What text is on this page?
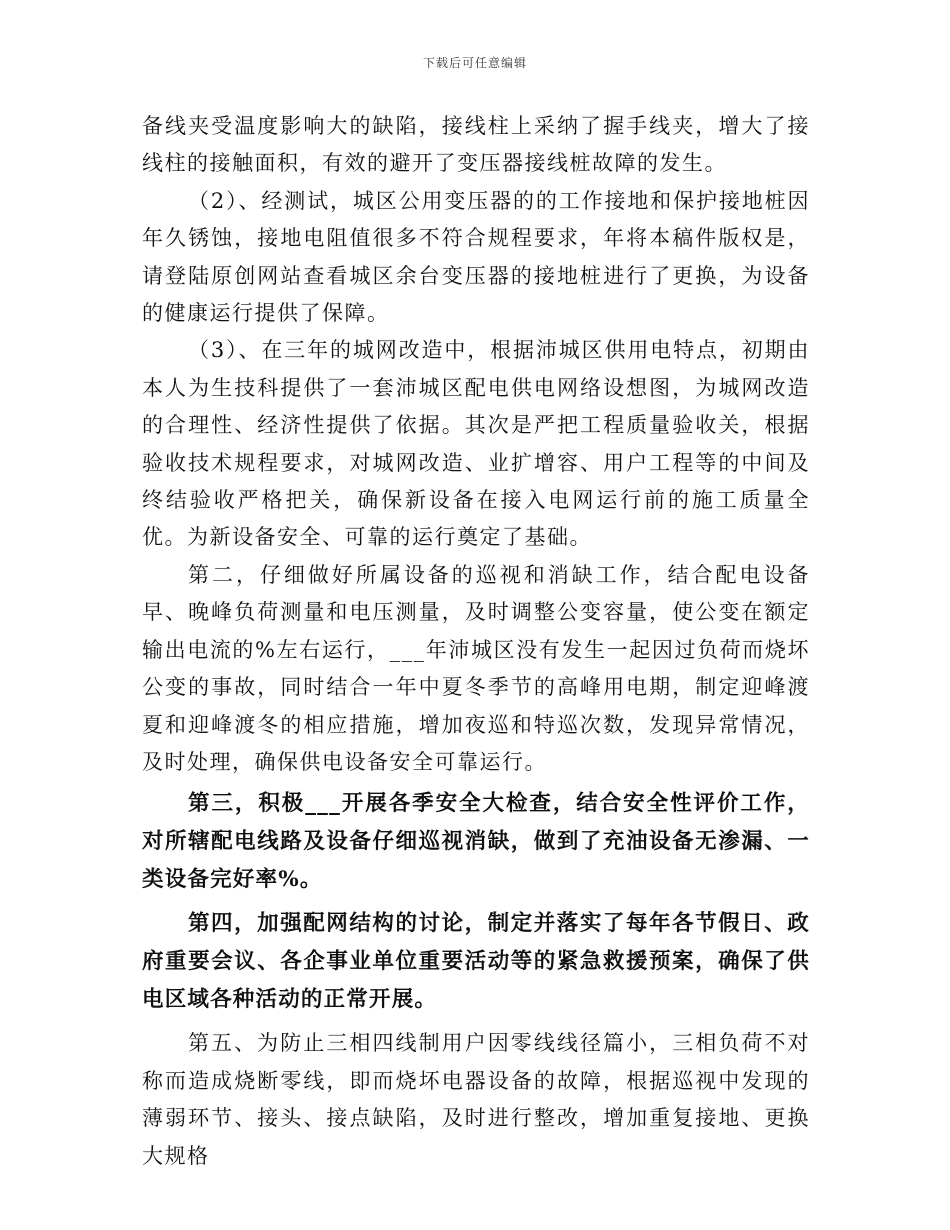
下载后可任意编辑

备线夹受温度影响大的缺陷，接线柱上采纳了握手线夹，增大了接线柱的接触面积，有效的避开了变压器接线桩故障的发生。

（2）、经测试，城区公用变压器的的工作接地和保护接地桩因年久锈蚀，接地电阻值很多不符合规程要求，年将本稿件版权是，请登陆原创网站查看城区余台变压器的接地桩进行了更换，为设备的健康运行提供了保障。

（3）、在三年的城网改造中，根据沛城区供用电特点，初期由本人为生技科提供了一套沛城区配电供电网络设想图，为城网改造的合理性、经济性提供了依据。其次是严把工程质量验收关，根据验收技术规程要求，对城网改造、业扩增容、用户工程等的中间及终结验收严格把关，确保新设备在接入电网运行前的施工质量全优。为新设备安全、可靠的运行奠定了基础。

第二，仔细做好所属设备的巡视和消缺工作，结合配电设备早、晚峰负荷测量和电压测量，及时调整公变容量，使公变在额定输出电流的%左右运行，___年沛城区没有发生一起因过负荷而烧坏公变的事故，同时结合一年中夏冬季节的高峰用电期，制定迎峰渡夏和迎峰渡冬的相应措施，增加夜巡和特巡次数，发现异常情况，及时处理，确保供电设备安全可靠运行。

第三，积极___开展各季安全大检查，结合安全性评价工作，对所辖配电线路及设备仔细巡视消缺，做到了充油设备无渗漏、一类设备完好率%。

第四，加强配网结构的讨论，制定并落实了每年各节假日、政府重要会议、各企事业单位重要活动等的紧急救援预案，确保了供电区域各种活动的正常开展。

第五、为防止三相四线制用户因零线线径篇小，三相负荷不对称而造成烧断零线，即而烧坏电器设备的故障，根据巡视中发现的薄弱环节、接头、接点缺陷，及时进行整改，增加重复接地、更换大规格
